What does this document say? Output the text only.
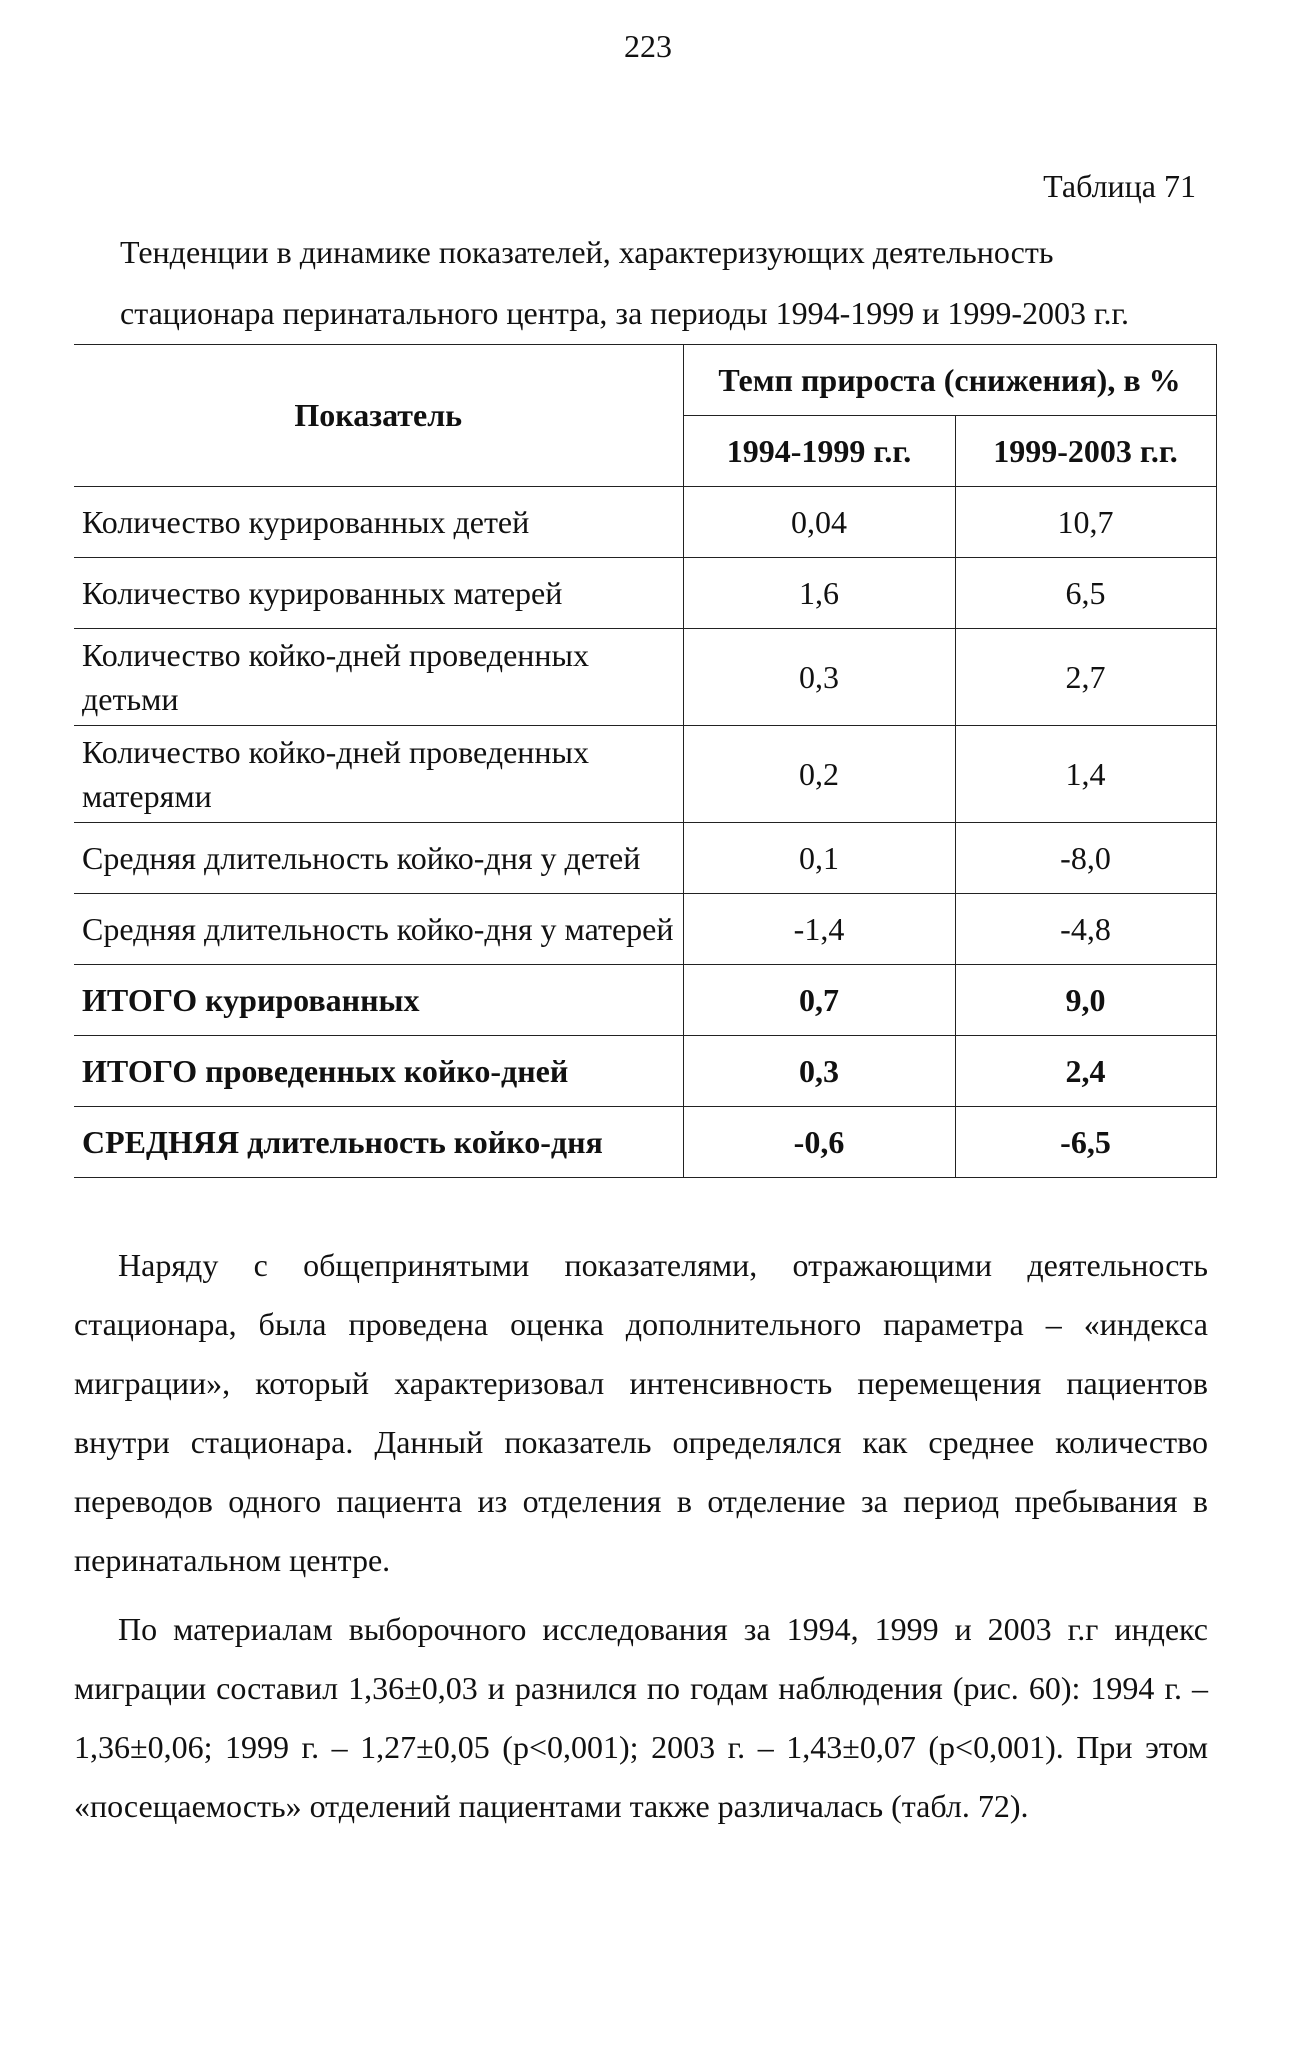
223
Таблица 71
Тенденции в динамике показателей, характеризующих деятельность стационара перинатального центра, за периоды 1994-1999 и 1999-2003 г.г.
Показатель	Темп прироста (снижения), в %	
	1994-1999 г.г.	1999-2003 г.г.
Количество курированных детей	0,04	10,7
Количество курированных матерей	1,6	6,5
Количество койко-дней проведенных детьми	0,3	2,7
Количество койко-дней проведенных матерями	0,2	1,4
Средняя длительность койко-дня у детей	0,1	-8,0
Средняя длительность койко-дня у матерей	-1,4	-4,8
ИТОГО курированных	0,7	9,0
ИТОГО проведенных койко-дней	0,3	2,4
СРЕДНЯЯ длительность койко-дня	-0,6	-6,5

Наряду с общепринятыми показателями, отражающими деятельность стационара, была проведена оценка дополнительного параметра – «индекса миграции», который характеризовал интенсивность перемещения пациентов внутри стационара. Данный показатель определялся как среднее количество переводов одного пациента из отделения в отделение за период пребывания в перинатальном центре.

По материалам выборочного исследования за 1994, 1999 и 2003 г.г индекс миграции составил 1,36±0,03 и разнился по годам наблюдения (рис. 60): 1994 г. – 1,36±0,06; 1999 г. – 1,27±0,05 (p<0,001); 2003 г. – 1,43±0,07 (p<0,001). При этом «посещаемость» отделений пациентами также различалась (табл. 72).
